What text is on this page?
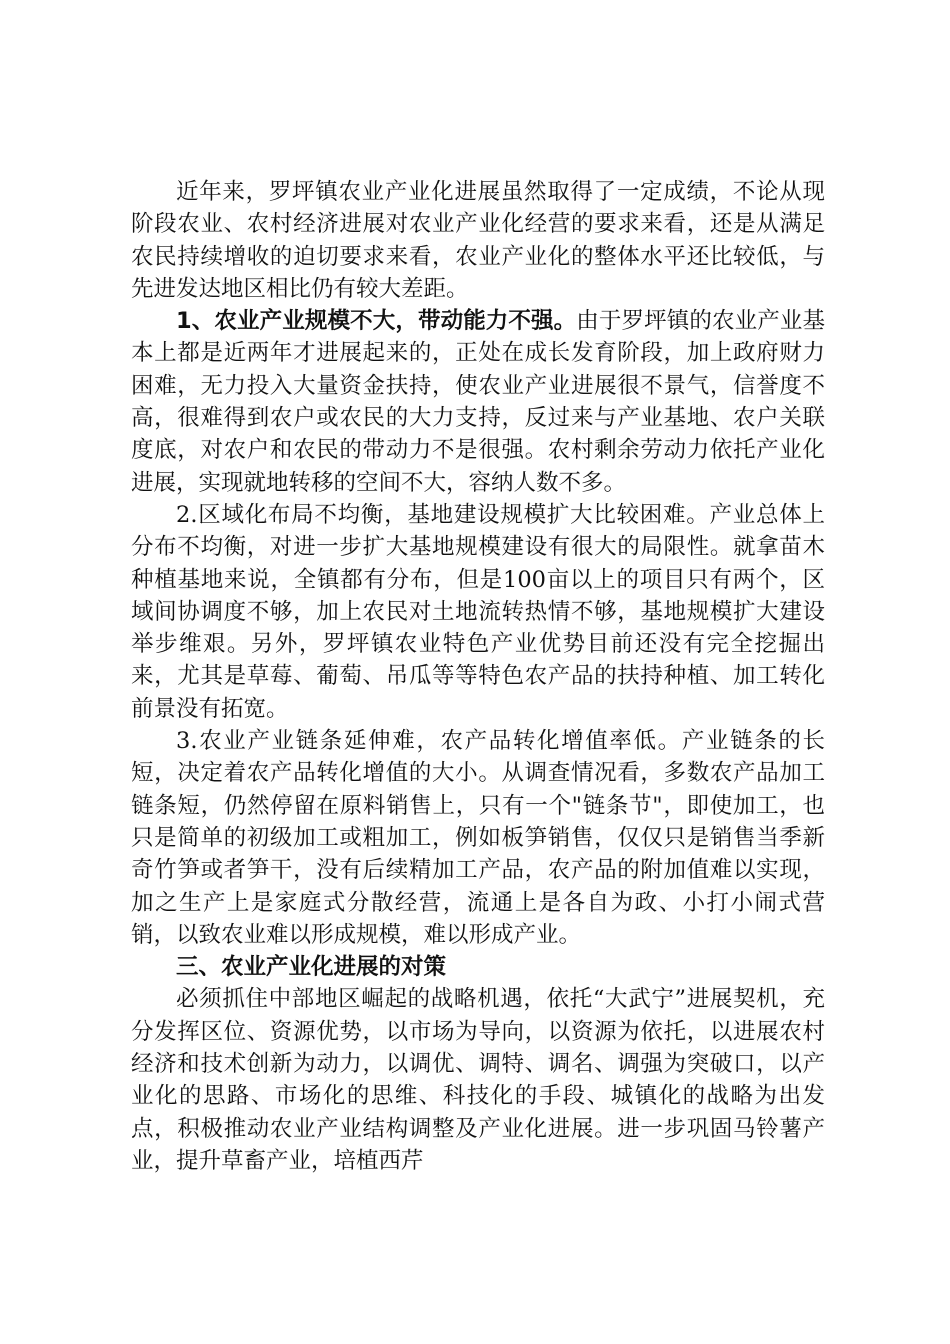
近年来，罗坪镇农业产业化进展虽然取得了一定成绩，不论从现阶段农业、农村经济进展对农业产业化经营的要求来看，还是从满足农民持续增收的迫切要求来看，农业产业化的整体水平还比较低，与先进发达地区相比仍有较大差距。

1、农业产业规模不大，带动能力不强。由于罗坪镇的农业产业基本上都是近两年才进展起来的，正处在成长发育阶段，加上政府财力困难，无力投入大量资金扶持，使农业产业进展很不景气，信誉度不高，很难得到农户或农民的大力支持，反过来与产业基地、农户关联度底，对农户和农民的带动力不是很强。农村剩余劳动力依托产业化进展，实现就地转移的空间不大，容纳人数不多。

2.区域化布局不均衡，基地建设规模扩大比较困难。产业总体上分布不均衡，对进一步扩大基地规模建设有很大的局限性。就拿苗木种植基地来说，全镇都有分布，但是100亩以上的项目只有两个，区域间协调度不够，加上农民对土地流转热情不够，基地规模扩大建设举步维艰。另外，罗坪镇农业特色产业优势目前还没有完全挖掘出来，尤其是草莓、葡萄、吊瓜等等特色农产品的扶持种植、加工转化前景没有拓宽。

3.农业产业链条延伸难，农产品转化增值率低。产业链条的长短，决定着农产品转化增值的大小。从调查情况看，多数农产品加工链条短，仍然停留在原料销售上，只有一个"链条节"，即使加工，也只是简单的初级加工或粗加工，例如板笋销售，仅仅只是销售当季新奇竹笋或者笋干，没有后续精加工产品，农产品的附加值难以实现，加之生产上是家庭式分散经营，流通上是各自为政、小打小闹式营销，以致农业难以形成规模，难以形成产业。

三、农业产业化进展的对策

必须抓住中部地区崛起的战略机遇，依托“大武宁”进展契机，充分发挥区位、资源优势，以市场为导向，以资源为依托，以进展农村经济和技术创新为动力，以调优、调特、调名、调强为突破口，以产业化的思路、市场化的思维、科技化的手段、城镇化的战略为出发点，积极推动农业产业结构调整及产业化进展。进一步巩固马铃薯产业，提升草畜产业，培植西芹
